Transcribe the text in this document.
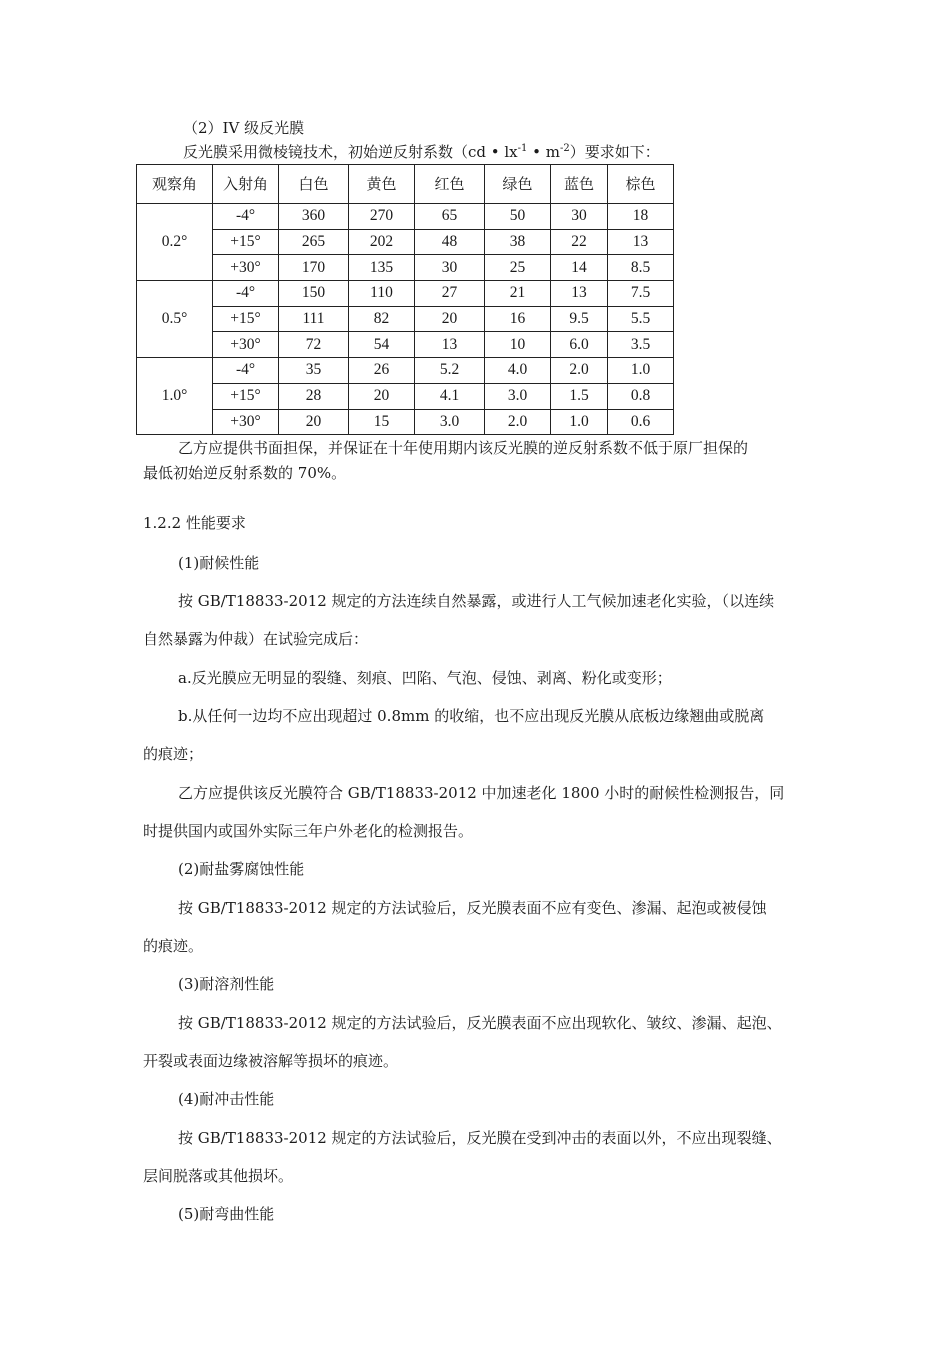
（2）IV 级反光膜
反光膜采用微棱镜技术，初始逆反射系数（cd • $lx^{-1}$ • $m^{-2}$）要求如下：
观察角	入射角	白色	黄色	红色	绿色	蓝色	棕色
0.2°	-4°	360	270	65	50	30	18
	+15°	265	202	48	38	22	13
	+30°	170	135	30	25	14	8.5
0.5°	-4°	150	110	27	21	13	7.5
	+15°	111	82	20	16	9.5	5.5
	+30°	72	54	13	10	6.0	3.5
1.0°	-4°	35	26	5.2	4.0	2.0	1.0
	+15°	28	20	4.1	3.0	1.5	0.8
	+30°	20	15	3.0	2.0	1.0	0.6
乙方应提供书面担保，并保证在十年使用期内该反光膜的逆反射系数不低于原厂担保的
最低初始逆反射系数的 70%。
1.2.2 性能要求
(1)耐候性能
按 GB/T18833-2012 规定的方法连续自然暴露，或进行人工气候加速老化实验，（以连续
自然暴露为仲裁）在试验完成后：
a.反光膜应无明显的裂缝、刻痕、凹陷、气泡、侵蚀、剥离、粉化或变形；
b.从任何一边均不应出现超过 0.8mm 的收缩，也不应出现反光膜从底板边缘翘曲或脱离
的痕迹；
乙方应提供该反光膜符合 GB/T18833-2012 中加速老化 1800 小时的耐候性检测报告，同
时提供国内或国外实际三年户外老化的检测报告。
(2)耐盐雾腐蚀性能
按 GB/T18833-2012 规定的方法试验后，反光膜表面不应有变色、渗漏、起泡或被侵蚀
的痕迹。
(3)耐溶剂性能
按 GB/T18833-2012 规定的方法试验后，反光膜表面不应出现软化、皱纹、渗漏、起泡、
开裂或表面边缘被溶解等损坏的痕迹。
(4)耐冲击性能
按 GB/T18833-2012 规定的方法试验后，反光膜在受到冲击的表面以外，不应出现裂缝、
层间脱落或其他损坏。
(5)耐弯曲性能
